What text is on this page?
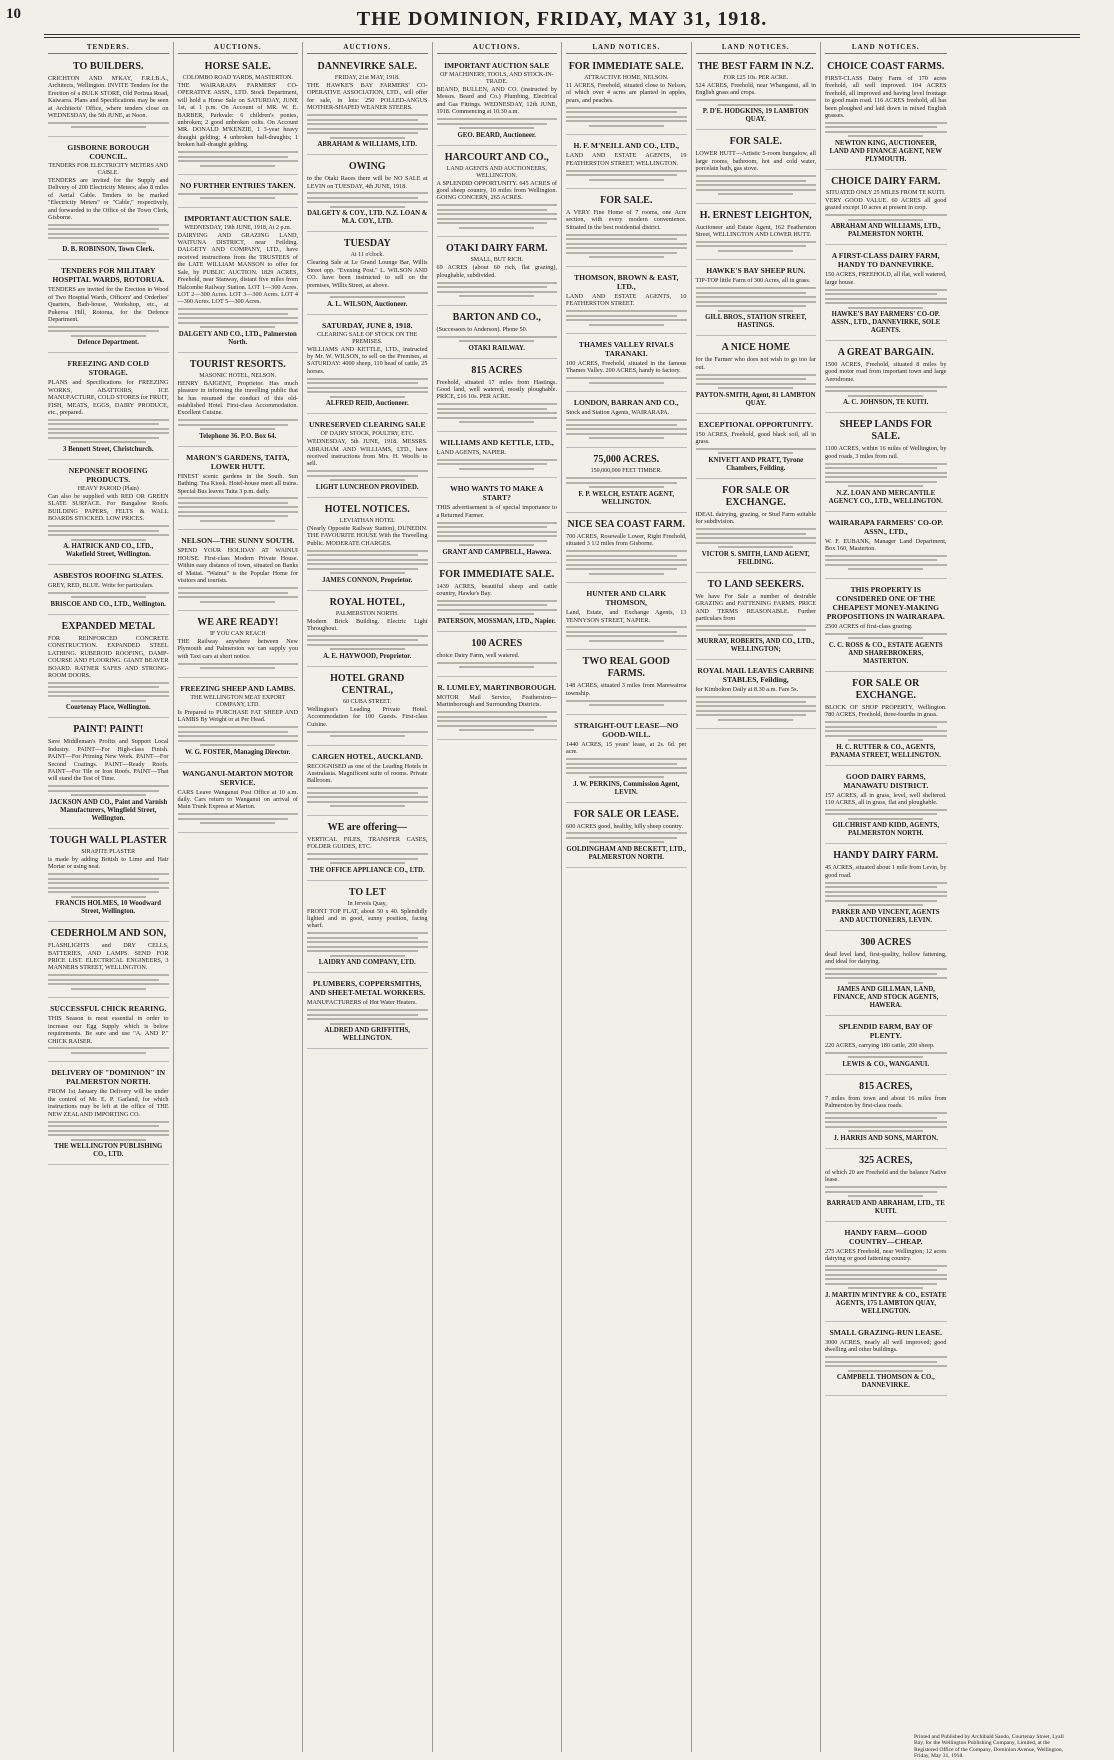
10	THE DOMINION, FRIDAY, MAY 31, 1918.
TENDERS.
TO BUILDERS.
CRICHTON AND M'KAY, F.R.I.B.A., Architects, Wellington. INVITE Tenders for the Erection of a BULK STORE, Old Porirua Road, Kaiwarra. Plans and Specifications may be seen at Architects' Office, where tenders close on WEDNESDAY, the 5th JUNE, at Noon.
GISBORNE BOROUGH COUNCIL.
TENDERS FOR ELECTRICITY METERS AND CABLE.
TENDERS are invited for the Supply and Delivery of 200 Electricity Meters; also 8 miles of Aerial Cable. Tenders to be marked "Electricity Meters" or "Cable," respectively, and forwarded to the Office of the Town Clerk, Gisborne.
D. B. ROBINSON, Town Clerk.
TENDERS FOR MILITARY HOSPITAL WARDS, ROTORUA.
TENDERS are invited for the Erection in Wood of Two Hospital Wards, Officers' and Orderlies' Quarters, Bath-house, Workshop, etc., at Pukeroa Hill, Rotorua, for the Defence Department.
Defence Department.
FREEZING AND COLD STORAGE.
PLANS and Specifications for FREEZING WORKS, ABATTOIRS, ICE MANUFACTURE, COLD STORES for FRUIT, FISH, MEATS, EGGS, DAIRY PRODUCE, etc., prepared.
3 Bennett Street, Christchurch.
NEPONSET ROOFING PRODUCTS.
HEAVY PAROID (Plain)
Can also be supplied with RED OR GREEN SLATE SURFACE. For Bungalow Roofs. BUILDING PAPERS, FELTS & WALL BOARDS STOCKED. LOW PRICES.
A. HATRICK AND CO., LTD., Wakefield Street, Wellington.
ASBESTOS ROOFING SLATES.
GREY, RED, BLUE. Write for particulars.
BRISCOE AND CO., LTD., Wellington.
EXPANDED METAL
FOR REINFORCED CONCRETE CONSTRUCTION. EXPANDED STEEL LATHING. RUBEROID ROOFING, DAMP-COURSE AND FLOORING. GIANT BEAVER BOARD. RATNER SAFES AND STRONG-ROOM DOORS.
Courtenay Place, Wellington.
PAINT! PAINT!
Save Middleman's Profits and Support Local Industry. PAINT—For High-class Finish. PAINT—For Priming New Work. PAINT—For Second Coatings. PAINT—Ready Roofs. PAINT—For Tile or Iron Roofs. PAINT—That will stand the Test of Time.
JACKSON AND CO., Paint and Varnish Manufacturers, Wingfield Street, Wellington.
TOUGH WALL PLASTER
SIRAPITE PLASTER
is made by adding British to Lime and Hair Mortar or using neat.
FRANCIS HOLMES, 10 Woodward Street, Wellington.
CEDERHOLM AND SON,
FLASHLIGHTS and DRY CELLS, BATTERIES, AND LAMPS. SEND FOR PRICE LIST. ELECTRICAL ENGINEERS, 3 MANNERS STREET, WELLINGTON.
SUCCESSFUL CHICK REARING.
THIS Season is most essential in order to increase our Egg Supply which is below requirements. Be sure and use "A. AND P." CHICK RAISER.
DELIVERY OF "DOMINION" IN PALMERSTON NORTH.
FROM 1st January the Delivery will be under the control of Mr. E. P. Garland, for which instructions may be left at the office of THE NEW ZEALAND IMPORTING CO.
THE WELLINGTON PUBLISHING CO., LTD.
AUCTIONS.
HORSE SALE.
COLOMBO ROAD YARDS, MASTERTON.
THE WAIRARAPA FARMERS' CO-OPERATIVE ASSN., LTD. Stock Department, will hold a Horse Sale on SATURDAY, JUNE 1st, at 1 p.m. On Account of MR. W. E. BARBER, Parkvale: 6 children's ponies, unbroken; 2 good unbroken colts. On Account MR. DONALD M'KENZIE, 1 3-year heavy draught gelding; 4 unbroken half-draughts; 1 broken half-draught gelding.
NO FURTHER ENTRIES TAKEN.
IMPORTANT AUCTION SALE.
WEDNESDAY, 19th JUNE, 1918, At 2 p.m.
DAIRYING AND GRAZING LAND, WAITUNA DISTRICT, near Feilding. DALGETY AND COMPANY, LTD., have received instructions from the TRUSTEES of the LATE WILLIAM MANSON to offer for Sale, by PUBLIC AUCTION. 1829 ACRES, Freehold, near Stanway, distant five miles from Halcombe Railway Station. LOT 1—300 Acres. LOT 2—300 Acres. LOT 3—300 Acres. LOT 4—300 Acres. LOT 5—300 Acres.
DALGETY AND CO., LTD., Palmerston North.
TOURIST RESORTS.
MASONIC HOTEL, NELSON.
HENRY BAIGENT, Proprietor. Has much pleasure in informing the travelling public that he has resumed the conduct of this old-established Hotel. First-class Accommodation. Excellent Cuisine.
Telephone 36. P.O. Box 64.
MARON'S GARDENS, TAITA, LOWER HUTT.
FINEST scenic gardens in the South. Sun Bathing. Tea Kiosk. Hotel-house meet all trains. Special Bus leaves Taita 3 p.m. daily.
NELSON—THE SUNNY SOUTH.
SPEND YOUR HOLIDAY AT WAINUI HOUSE. First-class Modern Private House. Within easy distance of town, situated on Banks of Maitai. "Wainui" is the Popular Home for visitors and tourists.
WE ARE READY!
IF YOU CAN REACH
THE Railway anywhere between New Plymouth and Palmerston we can supply you with Taxi cars at short notice.
FREEZING SHEEP AND LAMBS.
THE WELLINGTON MEAT EXPORT COMPANY, LTD.
Is Prepared to PURCHASE FAT SHEEP AND LAMBS By Weight or at Per Head.
W. G. FOSTER, Managing Director.
WANGANUI-MARTON MOTOR SERVICE.
CARS Leave Wanganui Post Office at 10 a.m. daily. Cars return to Wanganui on arrival of Main Trunk Express at Marton.
AUCTIONS.
DANNEVIRKE SALE.
FRIDAY, 21st MAY, 1918.
THE HAWKE'S BAY FARMERS' CO-OPERATIVE ASSOCIATION, LTD., will offer for sale, in lots: 250 POLLED-ANGUS MOTHER-SHAPED WEANER STEERS.
ABRAHAM & WILLIAMS, LTD.
OWING
to the Otaki Races there will be NO SALE at LEVIN on TUESDAY, 4th JUNE, 1918.
DALGETY & COY., LTD. N.Z. LOAN & M.A. COY., LTD.
TUESDAY
At 11 o'clock.
Clearing Sale at Le Grand Lounge Bar, Willis Street opp. "Evening Post." L. WILSON AND CO. have been instructed to sell on the premises, Willis Street, as above.
A. L. WILSON, Auctioneer.
SATURDAY, JUNE 8, 1918.
CLEARING SALE OF STOCK ON THE PREMISES.
WILLIAMS AND KETTLE, LTD., instructed by Mr. W. WILSON, to sell on the Premises, at SATURDAY: 4000 sheep, 110 head of cattle, 25 horses.
ALFRED REID, Auctioneer.
UNRESERVED CLEARING SALE
OF DAIRY STOCK, POULTRY, ETC.
WEDNESDAY, 5th JUNE, 1918. MESSRS. ABRAHAM AND WILLIAMS, LTD., have received instructions from Mrs. H. Woolfs to sell.
LIGHT LUNCHEON PROVIDED.
HOTEL NOTICES.
LEVIATHAN HOTEL
(Nearly Opposite Railway Station), DUNEDIN. THE FAVOURITE HOUSE With the Travelling Public. MODERATE CHARGES.
JAMES CONNON, Proprietor.
ROYAL HOTEL,
PALMERSTON NORTH.
Modern Brick Building. Electric Light Throughout.
A. E. HAYWOOD, Proprietor.
HOTEL GRAND CENTRAL,
60 CUBA STREET.
Wellington's Leading Private Hotel. Accommodation for 100 Guests. First-class Cuisine.
CARGEN HOTEL, AUCKLAND.
RECOGNISED as one of the Leading Hotels in Australasia. Magnificent suite of rooms. Private Ballroom.
WE are offering—
VERTICAL FILES, TRANSFER CASES, FOLDER GUIDES, ETC.
THE OFFICE APPLIANCE CO., LTD.
TO LET
In Jervois Quay,
FRONT TOP FLAT, about 50 x 40. Splendidly lighted and in good, sunny position, facing wharf.
LAIDRY AND COMPANY, LTD.
PLUMBERS, COPPERSMITHS, AND SHEET-METAL WORKERS.
MANUFACTURERS of Hot Water Heaters.
ALDRED AND GRIFFITHS, WELLINGTON.
AUCTIONS.
IMPORTANT AUCTION SALE
OF MACHINERY, TOOLS, AND STOCK-IN-TRADE.
BEAND, BULLEN, AND CO. (instructed by Messrs. Beard and Co.) Plumbing, Electrical and Gas Fittings. WEDNESDAY, 12th JUNE, 1918. Commencing at 10.30 a.m.
GEO. BEARD, Auctioneer.
HARCOURT AND CO.,
LAND AGENTS AND AUCTIONEERS, WELLINGTON.
A SPLENDID OPPORTUNITY. 645 ACRES of good sheep country, 10 miles from Wellington. GOING CONCERN, 265 ACRES.
OTAKI DAIRY FARM.
SMALL, BUT RICH.
69 ACRES (about 60 rich, flat grazing), ploughable, subdivided.
BARTON AND CO.,
(Successors to Anderson). Phone 50.
OTAKI RAILWAY.
815 ACRES
Freehold, situated 17 miles from Hastings. Good land, well watered, mostly ploughable. PRICE, £16 10s. PER ACRE.
WILLIAMS AND KETTLE, LTD.,
LAND AGENTS, NAPIER.
WHO WANTS TO MAKE A START?
THIS advertisement is of special importance to a Returned Farmer.
GRANT AND CAMPBELL, Hawera.
FOR IMMEDIATE SALE.
1439 ACRES, beautiful sheep and cattle country, Hawke's Bay.
PATERSON, MOSSMAN, LTD., Napier.
100 ACRES
choice Dairy Farm, well watered.
R. LUMLEY, MARTINBOROUGH.
MOTOR Mail Service, Featherston—Martinborough and Surrounding Districts.
LAND NOTICES.
FOR IMMEDIATE SALE.
ATTRACTIVE HOME, NELSON.
11 ACRES, Freehold, situated close to Nelson, of which over 4 acres are planted in apples, pears, and peaches.
H. F. M'NEILL AND CO., LTD.,
LAND AND ESTATE AGENTS, 19 FEATHERSTON STREET, WELLINGTON.
FOR SALE.
A VERY Fine Home of 7 rooms, one Acre section, with every modern convenience. Situated in the best residential district.
THOMSON, BROWN & EAST, LTD.,
LAND AND ESTATE AGENTS, 10 FEATHERSTON STREET.
THAMES VALLEY RIVALS TARANAKI.
100 ACRES, Freehold, situated in the famous Thames Valley. 200 ACRES, handy to factory.
LONDON, BARRAN AND CO.,
Stock and Station Agents, WAIRARAPA.
75,000 ACRES.
150,000,000 FEET TIMBER.
F. P. WELCH, ESTATE AGENT, WELLINGTON.
NICE SEA COAST FARM.
700 ACRES, Rosewalle Lower, Right Freehold, situated 3 1/2 miles from Gisborne.
HUNTER AND CLARK THOMSON,
Land, Estate, and Exchange Agents, 13 TENNYSON STREET, NAPIER.
TWO REAL GOOD FARMS.
148 ACRES, situated 3 miles from Marewairoa township.
STRAIGHT-OUT LEASE—NO GOOD-WILL.
1440 ACRES, 15 years' lease, at 2s. 6d. per acre.
J. W. PERKINS, Commission Agent, LEVIN.
FOR SALE OR LEASE.
600 ACRES good, healthy, hilly sheep country.
GOLDINGHAM AND BECKETT, LTD., PALMERSTON NORTH.
LAND NOTICES.
THE BEST FARM IN N.Z.
FOR £25 10s. PER ACRE.
524 ACRES, Freehold, near Whanganui, all in English grass and crops.
P. D'E. HODGKINS, 19 LAMBTON QUAY.
FOR SALE.
LOWER HUTT—Artistic 5-room bungalow, all large rooms, bathroom, hot and cold water, porcelain bath, gas stove.
H. ERNEST LEIGHTON,
Auctioneer and Estate Agent, 162 Featherston Street, WELLINGTON AND LOWER HUTT.
HAWKE'S BAY SHEEP RUN.
TIP-TOP little Farm of 300 Acres, all in grass.
GILL BROS., STATION STREET, HASTINGS.
A NICE HOME
for the Farmer who does not wish to go too far out.
PAYTON-SMITH, Agent, 81 LAMBTON QUAY.
EXCEPTIONAL OPPORTUNITY.
150 ACRES, Freehold, good black soil, all in grass.
KNIVETT AND PRATT, Tyrone Chambers, Feilding.
FOR SALE OR EXCHANGE.
IDEAL dairying, grazing, or Stud Farm suitable for subdivision.
VICTOR S. SMITH, LAND AGENT, FEILDING.
TO LAND SEEKERS.
We have For Sale a number of desirable GRAZING and FATTENING FARMS. PRICE AND TERMS REASONABLE. Further particulars from
MURRAY, ROBERTS, AND CO., LTD., WELLINGTON;
ROYAL MAIL LEAVES CARBINE STABLES, Feilding,
for Kimbolton Daily at 8.30 a.m. Fare 5s.
LAND NOTICES.
CHOICE COAST FARMS.
FIRST-CLASS Dairy Farm of 170 acres freehold, all well improved. 104 ACRES freehold, all improved and having level frontage to good main road. 116 ACRES freehold, all has been ploughed and laid down in mixed English grasses.
NEWTON KING, AUCTIONEER, LAND AND FINANCE AGENT, NEW PLYMOUTH.
CHOICE DAIRY FARM.
SITUATED ONLY 25 MILES FROM TE KUITI.
VERY GOOD VALUE. 60 ACRES all good grazed except 10 acres at present in crop.
ABRAHAM AND WILLIAMS, LTD., PALMERSTON NORTH.
A FIRST-CLASS DAIRY FARM, HANDY TO DANNEVIRKE.
150 ACRES, FREEHOLD, all flat, well watered, large house.
HAWKE'S BAY FARMERS' CO-OP. ASSN., LTD., DANNEVIRKE, SOLE AGENTS.
A GREAT BARGAIN.
1500 ACRES, Freehold, situated 8 miles by good motor road from important town and large Aerodrome.
A. C. JOHNSON, TE KUITI.
SHEEP LANDS FOR SALE.
1100 ACRES, within 16 miles of Wellington, by good roads, 3 miles from rail.
N.Z. LOAN AND MERCANTILE AGENCY CO., LTD., WELLINGTON.
WAIRARAPA FARMERS' CO-OP. ASSN., LTD.,
W. F. EUBANK, Manager Land Department, Box 160, Masterton.
THIS PROPERTY IS CONSIDERED ONE OF THE CHEAPEST MONEY-MAKING PROPOSITIONS IN WAIRARAPA.
2500 ACRES of first-class grazing.
C. C. ROSS & CO., ESTATE AGENTS AND SHAREBROKERS, MASTERTON.
FOR SALE OR EXCHANGE.
BLOCK OF SHOP PROPERTY, Wellington. 780 ACRES, Freehold, three-fourths in grass.
H. C. RUTTER & CO., AGENTS, PANAMA STREET, WELLINGTON.
GOOD DAIRY FARMS, MANAWATU DISTRICT.
157 ACRES, all in grass, level, well sheltered. 110 ACRES, all in grass, flat and ploughable.
GILCHRIST AND KIDD, AGENTS, PALMERSTON NORTH.
HANDY DAIRY FARM.
45 ACRES, situated about 1 mile from Levin, by good road.
PARKER AND VINCENT, AGENTS AND AUCTIONEERS, LEVIN.
300 ACRES
dead level land, first-quality, hollow fattening, and ideal for dairying.
JAMES AND GILLMAN, LAND, FINANCE, AND STOCK AGENTS, HAWERA.
SPLENDID FARM, BAY OF PLENTY.
220 ACRES, carrying 180 cattle, 200 sheep.
LEWIS & CO., WANGANUI.
815 ACRES,
7 miles from town and about 16 miles from Palmerston by first-class roads.
J. HARRIS AND SONS, MARTON.
325 ACRES,
of which 20 are Freehold and the balance Native lease.
BARRAUD AND ABRAHAM, LTD., TE KUITI.
HANDY FARM—GOOD COUNTRY—CHEAP.
275 ACRES Freehold, near Wellington; 12 acres dairying or good fattening country.
J. MARTIN M'INTYRE & CO., ESTATE AGENTS, 175 LAMBTON QUAY, WELLINGTON.
SMALL GRAZING-RUN LEASE.
3000 ACRES, nearly all well improved; good dwelling and other buildings.
CAMPBELL THOMSON & CO., DANNEVIRKE.
Printed and Published by Archibald Sando, Courtenay Street, Lyall Bay, for the Wellington Publishing Company, Limited, at the Registered Office of the Company, Dominion Avenue, Wellington, Friday, May 31, 1918.
